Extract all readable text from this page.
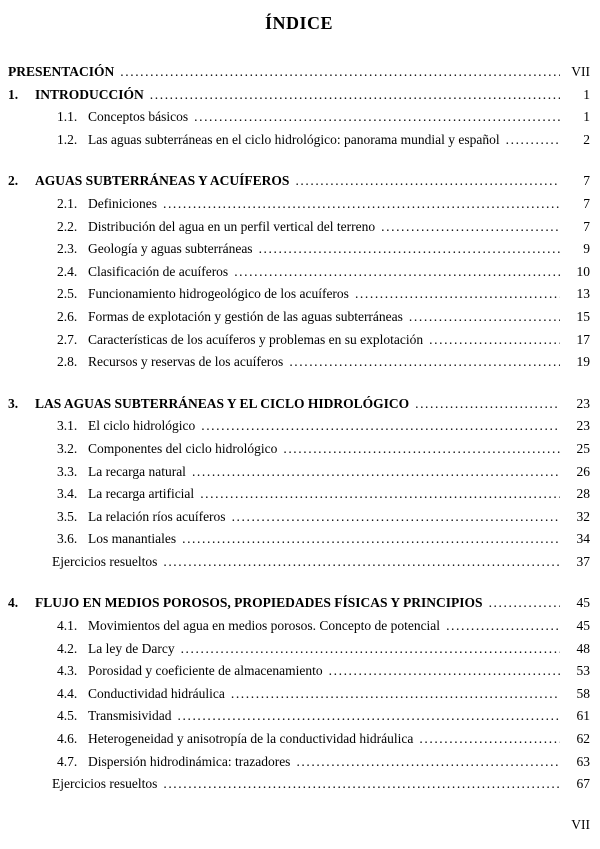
ÍNDICE
PRESENTACIÓN .....	VII
1.	INTRODUCCIÓN .....	1
1.1. Conceptos básicos .....	1
1.2. Las aguas subterráneas en el ciclo hidrológico: panorama mundial y español .....	2
2.	AGUAS SUBTERRÁNEAS Y ACUÍFEROS .....	7
2.1. Definiciones .....	7
2.2. Distribución del agua en un perfil vertical del terreno .....	7
2.3. Geología y aguas subterráneas .....	9
2.4. Clasificación de acuíferos .....	10
2.5. Funcionamiento hidrogeológico de los acuíferos .....	13
2.6. Formas de explotación y gestión de las aguas subterráneas .....	15
2.7. Características de los acuíferos y problemas en su explotación .....	17
2.8. Recursos y reservas de los acuíferos .....	19
3.	LAS AGUAS SUBTERRÁNEAS Y EL CICLO HIDROLÓGICO .....	23
3.1. El ciclo hidrológico .....	23
3.2. Componentes del ciclo hidrológico .....	25
3.3. La recarga natural .....	26
3.4. La recarga artificial .....	28
3.5. La relación ríos acuíferos .....	32
3.6. Los manantiales .....	34
Ejercicios resueltos .....	37
4.	FLUJO EN MEDIOS POROSOS, PROPIEDADES FÍSICAS Y PRINCIPIOS .....	45
4.1. Movimientos del agua en medios porosos. Concepto de potencial .....	45
4.2. La ley de Darcy .....	48
4.3. Porosidad y coeficiente de almacenamiento .....	53
4.4. Conductividad hidráulica .....	58
4.5. Transmisividad .....	61
4.6. Heterogeneidad y anisotropía de la conductividad hidráulica .....	62
4.7. Dispersión hidrodinámica: trazadores .....	63
Ejercicios resueltos .....	67
VII
